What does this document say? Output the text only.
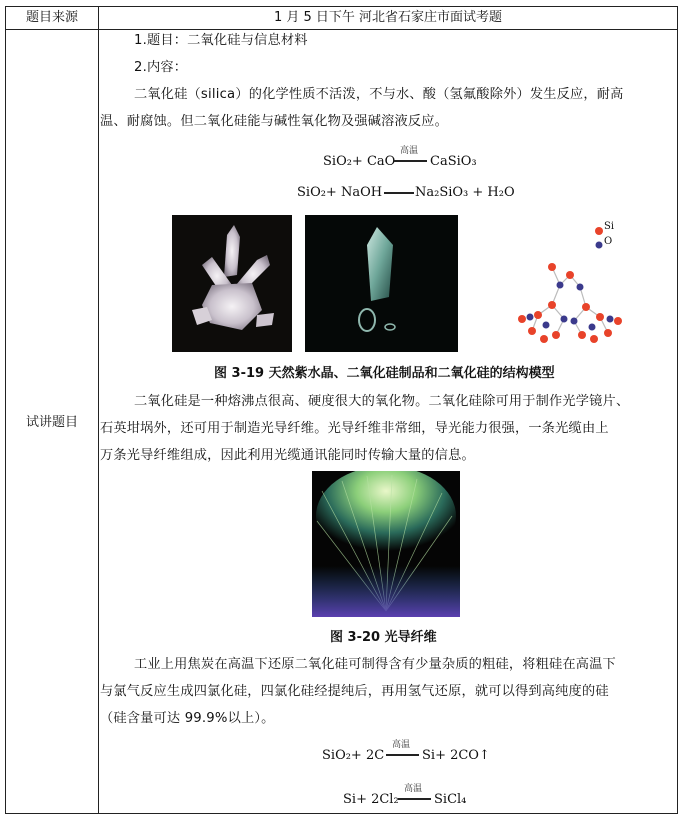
题目来源	1 月 5 日下午 河北省石家庄市面试考题
试讲题目
1.题目：二氧化硅与信息材料
2.内容：
二氧化硅（silica）的化学性质不活泼，不与水、酸（氢氟酸除外）发生反应，耐高
温、耐腐蚀。但二氧化硅能与碱性氧化物及强碱溶液反应。
SiO₂+ CaO
高温
CaSiO₃
SiO₂+ NaOH	Na₂SiO₃ + H₂O
Si
O
图 3-19 天然紫水晶、二氧化硅制品和二氧化硅的结构模型
二氧化硅是一种熔沸点很高、硬度很大的氧化物。二氧化硅除可用于制作光学镜片、
石英坩埚外，还可用于制造光导纤维。光导纤维非常细，导光能力很强，一条光缆由上
万条光导纤维组成，因此利用光缆通讯能同时传输大量的信息。
图 3-20 光导纤维
工业上用焦炭在高温下还原二氧化硅可制得含有少量杂质的粗硅，将粗硅在高温下
与氯气反应生成四氯化硅，四氯化硅经提纯后，再用氢气还原，就可以得到高纯度的硅
（硅含量可达 99.9%以上）。
SiO₂+ 2C
高温
Si+ 2CO↑
Si+ 2Cl₂
高温
SiCl₄
